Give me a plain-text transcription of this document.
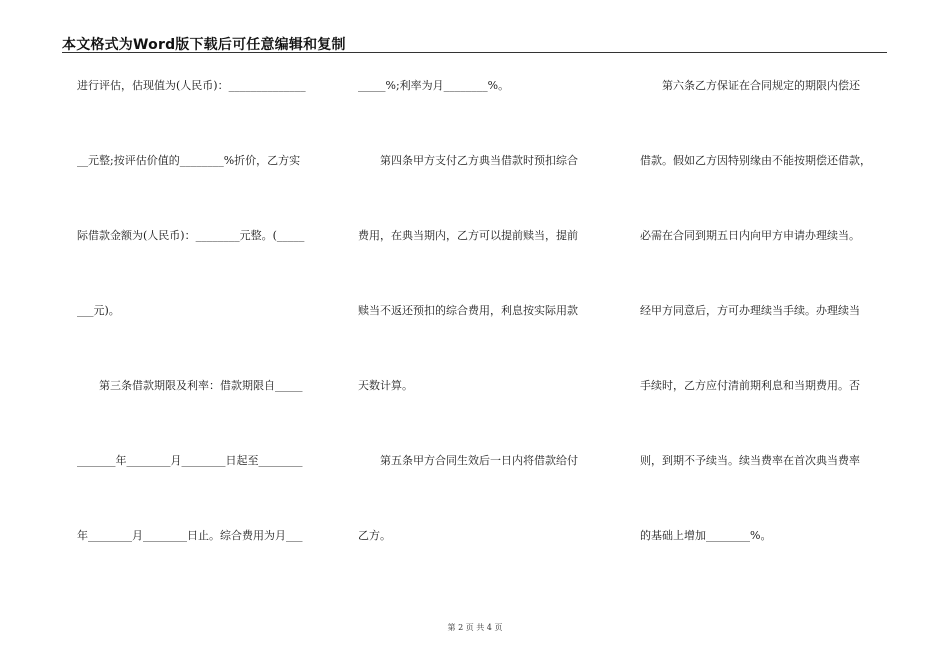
本文格式为Word版下载后可任意编辑和复制
进行评估，估现值为(人民币)：______________
__元整;按评估价值的________%折价，乙方实
际借款金额为(人民币)：________元整。(_____
___元)。
　　第三条借款期限及利率：借款期限自_____
_______年________月________日起至________
年________月________日止。综合费用为月___
_____%;利率为月________%。
　　第四条甲方支付乙方典当借款时预扣综合
费用，在典当期内，乙方可以提前赎当，提前
赎当不返还预扣的综合费用，利息按实际用款
天数计算。
　　第五条甲方合同生效后一日内将借款给付
乙方。
　　第六条乙方保证在合同规定的期限内偿还
借款。假如乙方因特别缘由不能按期偿还借款，
必需在合同到期五日内向甲方申请办理续当。
经甲方同意后，方可办理续当手续。办理续当
手续时，乙方应付清前期利息和当期费用。否
则，到期不予续当。续当费率在首次典当费率
的基础上增加________%。
第 2 页 共 4 页
